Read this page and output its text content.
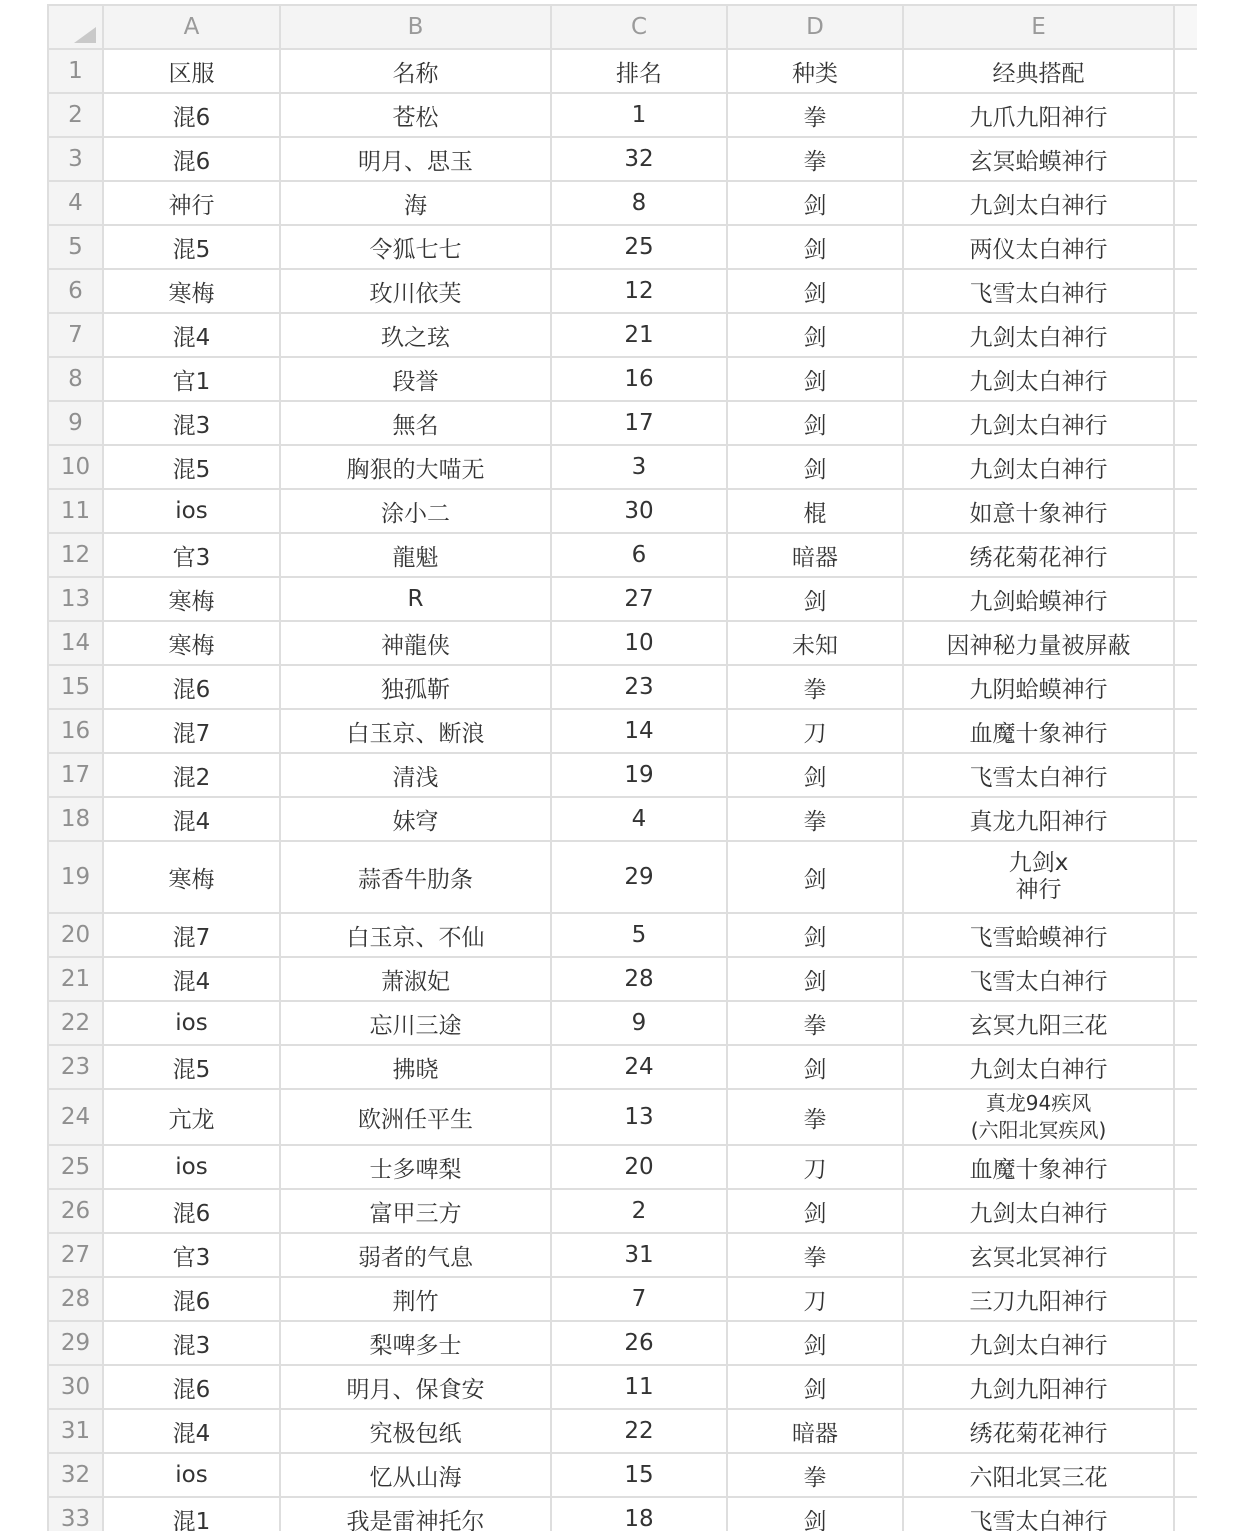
	A	B	C	D	E	
1	区服	名称	排名	种类	经典搭配	
2	混6	苍松	1	拳	九爪九阳神行	
3	混6	明月、思玉	32	拳	玄冥蛤蟆神行	
4	神行	海	8	剑	九剑太白神行	
5	混5	令狐七七	25	剑	两仪太白神行	
6	寒梅	玫川依芙	12	剑	飞雪太白神行	
7	混4	玖之玹	21	剑	九剑太白神行	
8	官1	段誉	16	剑	九剑太白神行	
9	混3	無名	17	剑	九剑太白神行	
10	混5	胸狠的大喵无	3	剑	九剑太白神行	
11	ios	涂小二	30	棍	如意十象神行	
12	官3	龍魁	6	暗器	绣花菊花神行	
13	寒梅	R	27	剑	九剑蛤蟆神行	
14	寒梅	神龍侠	10	未知	因神秘力量被屏蔽	
15	混6	独孤靳	23	拳	九阴蛤蟆神行	
16	混7	白玉京、断浪	14	刀	血魔十象神行	
17	混2	清浅	19	剑	飞雪太白神行	
18	混4	妹穹	4	拳	真龙九阳神行	
19	寒梅	蒜香牛肋条	29	剑	九剑x
神行	

20	混7	白玉京、不仙	5	剑	飞雪蛤蟆神行	
21	混4	萧淑妃	28	剑	飞雪太白神行	
22	ios	忘川三途	9	拳	玄冥九阳三花	
23	混5	拂晓	24	剑	九剑太白神行	
24	亢龙	欧洲任平生	13	拳	真龙94疾风
(六阳北冥疾风)	

25	ios	士多啤梨	20	刀	血魔十象神行	
26	混6	富甲三方	2	剑	九剑太白神行	
27	官3	弱者的气息	31	拳	玄冥北冥神行	
28	混6	荆竹	7	刀	三刀九阳神行	
29	混3	梨啤多士	26	剑	九剑太白神行	
30	混6	明月、保食安	11	剑	九剑九阳神行	
31	混4	究极包纸	22	暗器	绣花菊花神行	
32	ios	忆从山海	15	拳	六阳北冥三花	
33	混1	我是雷神托尔	18	剑	飞雪太白神行	
